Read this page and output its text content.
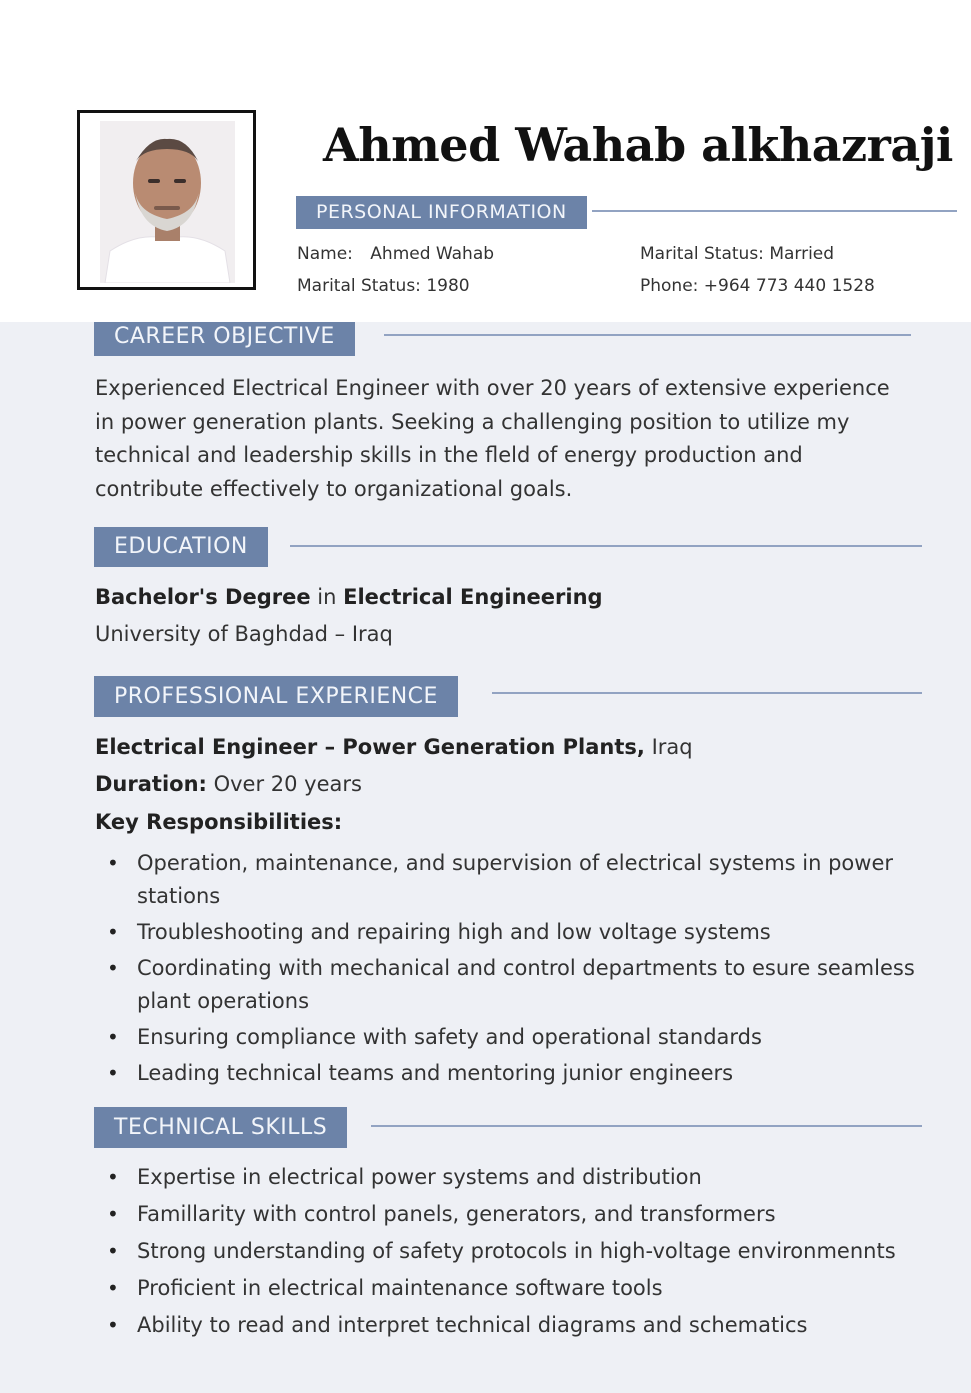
Ahmed Wahab alkhazraji
PERSONAL INFORMATION
Name: Ahmed Wahab
Marital Status: 1980
Marital Status: Married
Phone: +964 773 440 1528
CAREER OBJECTIVE
Experienced Electrical Engineer with over 20 years of extensive experience in power generation plants. Seeking a challenging position to utilize my technical and leadership skills in the fleld of energy production and contribute effectively to organizational goals.
EDUCATION
Bachelor's Degree in Electrical Engineering
University of Baghdad – Iraq
PROFESSIONAL EXPERIENCE
Electrical Engineer – Power Generation Plants, Iraq
Duration: Over 20 years
Key Responsibilities:
• Operation, maintenance, and supervision of electrical systems in power stations
• Troubleshooting and repairing high and low voltage systems
• Coordinating with mechanical and control departments to esure seamless plant operations
• Ensuring compliance with safety and operational standards
• Leading technical teams and mentoring junior engineers
TECHNICAL SKILLS
• Expertise in electrical power systems and distribution
• Famillarity with control panels, generators, and transformers
• Strong understanding of safety protocols in high-voltage environmennts
• Proficient in electrical maintenance software tools
• Ability to read and interpret technical diagrams and schematics
